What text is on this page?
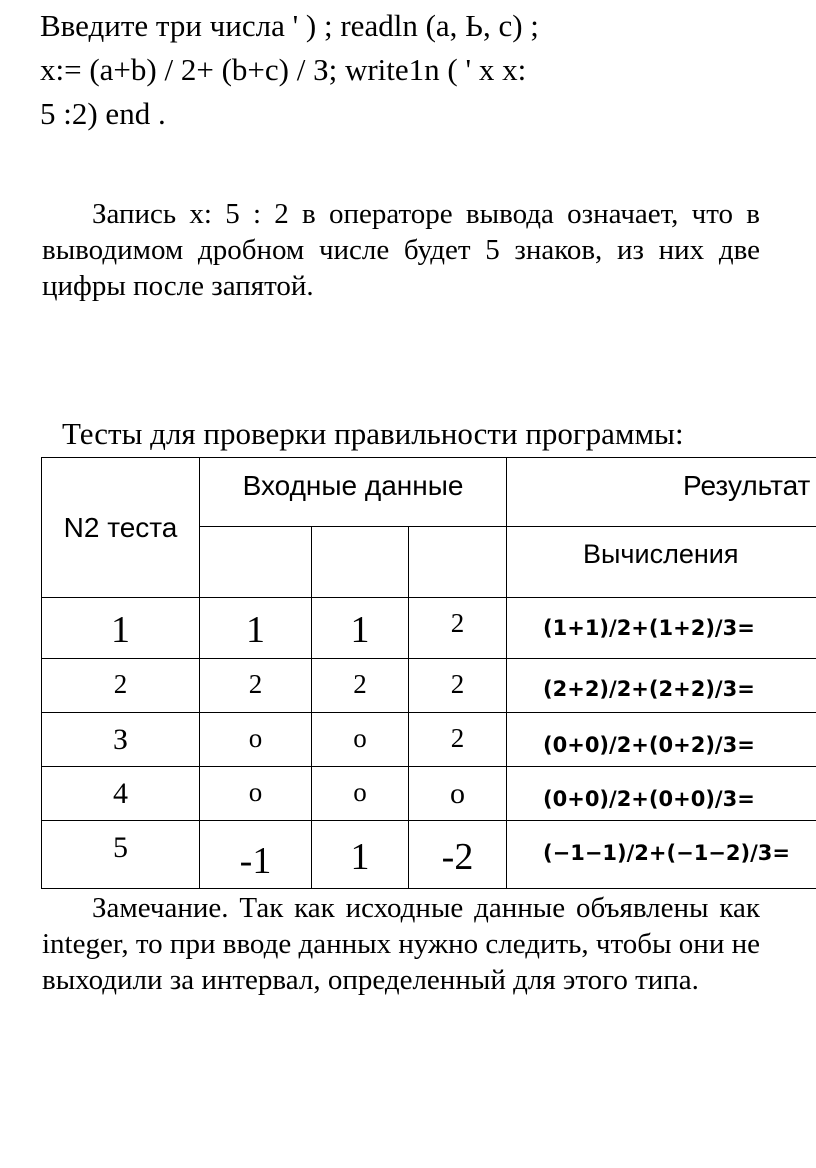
Введите три числа ' ) ; readln (a, Ь, c) ;
x:= (a+b) / 2+ (b+c) / З; write1n ( ' x x:
5 :2) end .

Запись x: 5 : 2 в операторе вывода означает, что в выводимом дробном числе будет 5 знаков, из них две цифры после запятой.

Тесты для проверки правильности программы:
N2 теста	Входные данные			Результат
				Вычисления
1	1	1	2	(1+1)/2+(1+2)/3=
2	2	2	2	(2+2)/2+(2+2)/3=
З	о	о	2	(0+0)/2+(0+2)/3=
4	о	о	о	(0+0)/2+(0+0)/3=
5	-1	1	-2	(−1−1)/2+(−1−2)/3=

Замечание. Так как исходные данные объявлены как integer, то при вводе данных нужно следить, чтобы они не выходили за интервал, определенный для этого типа.
